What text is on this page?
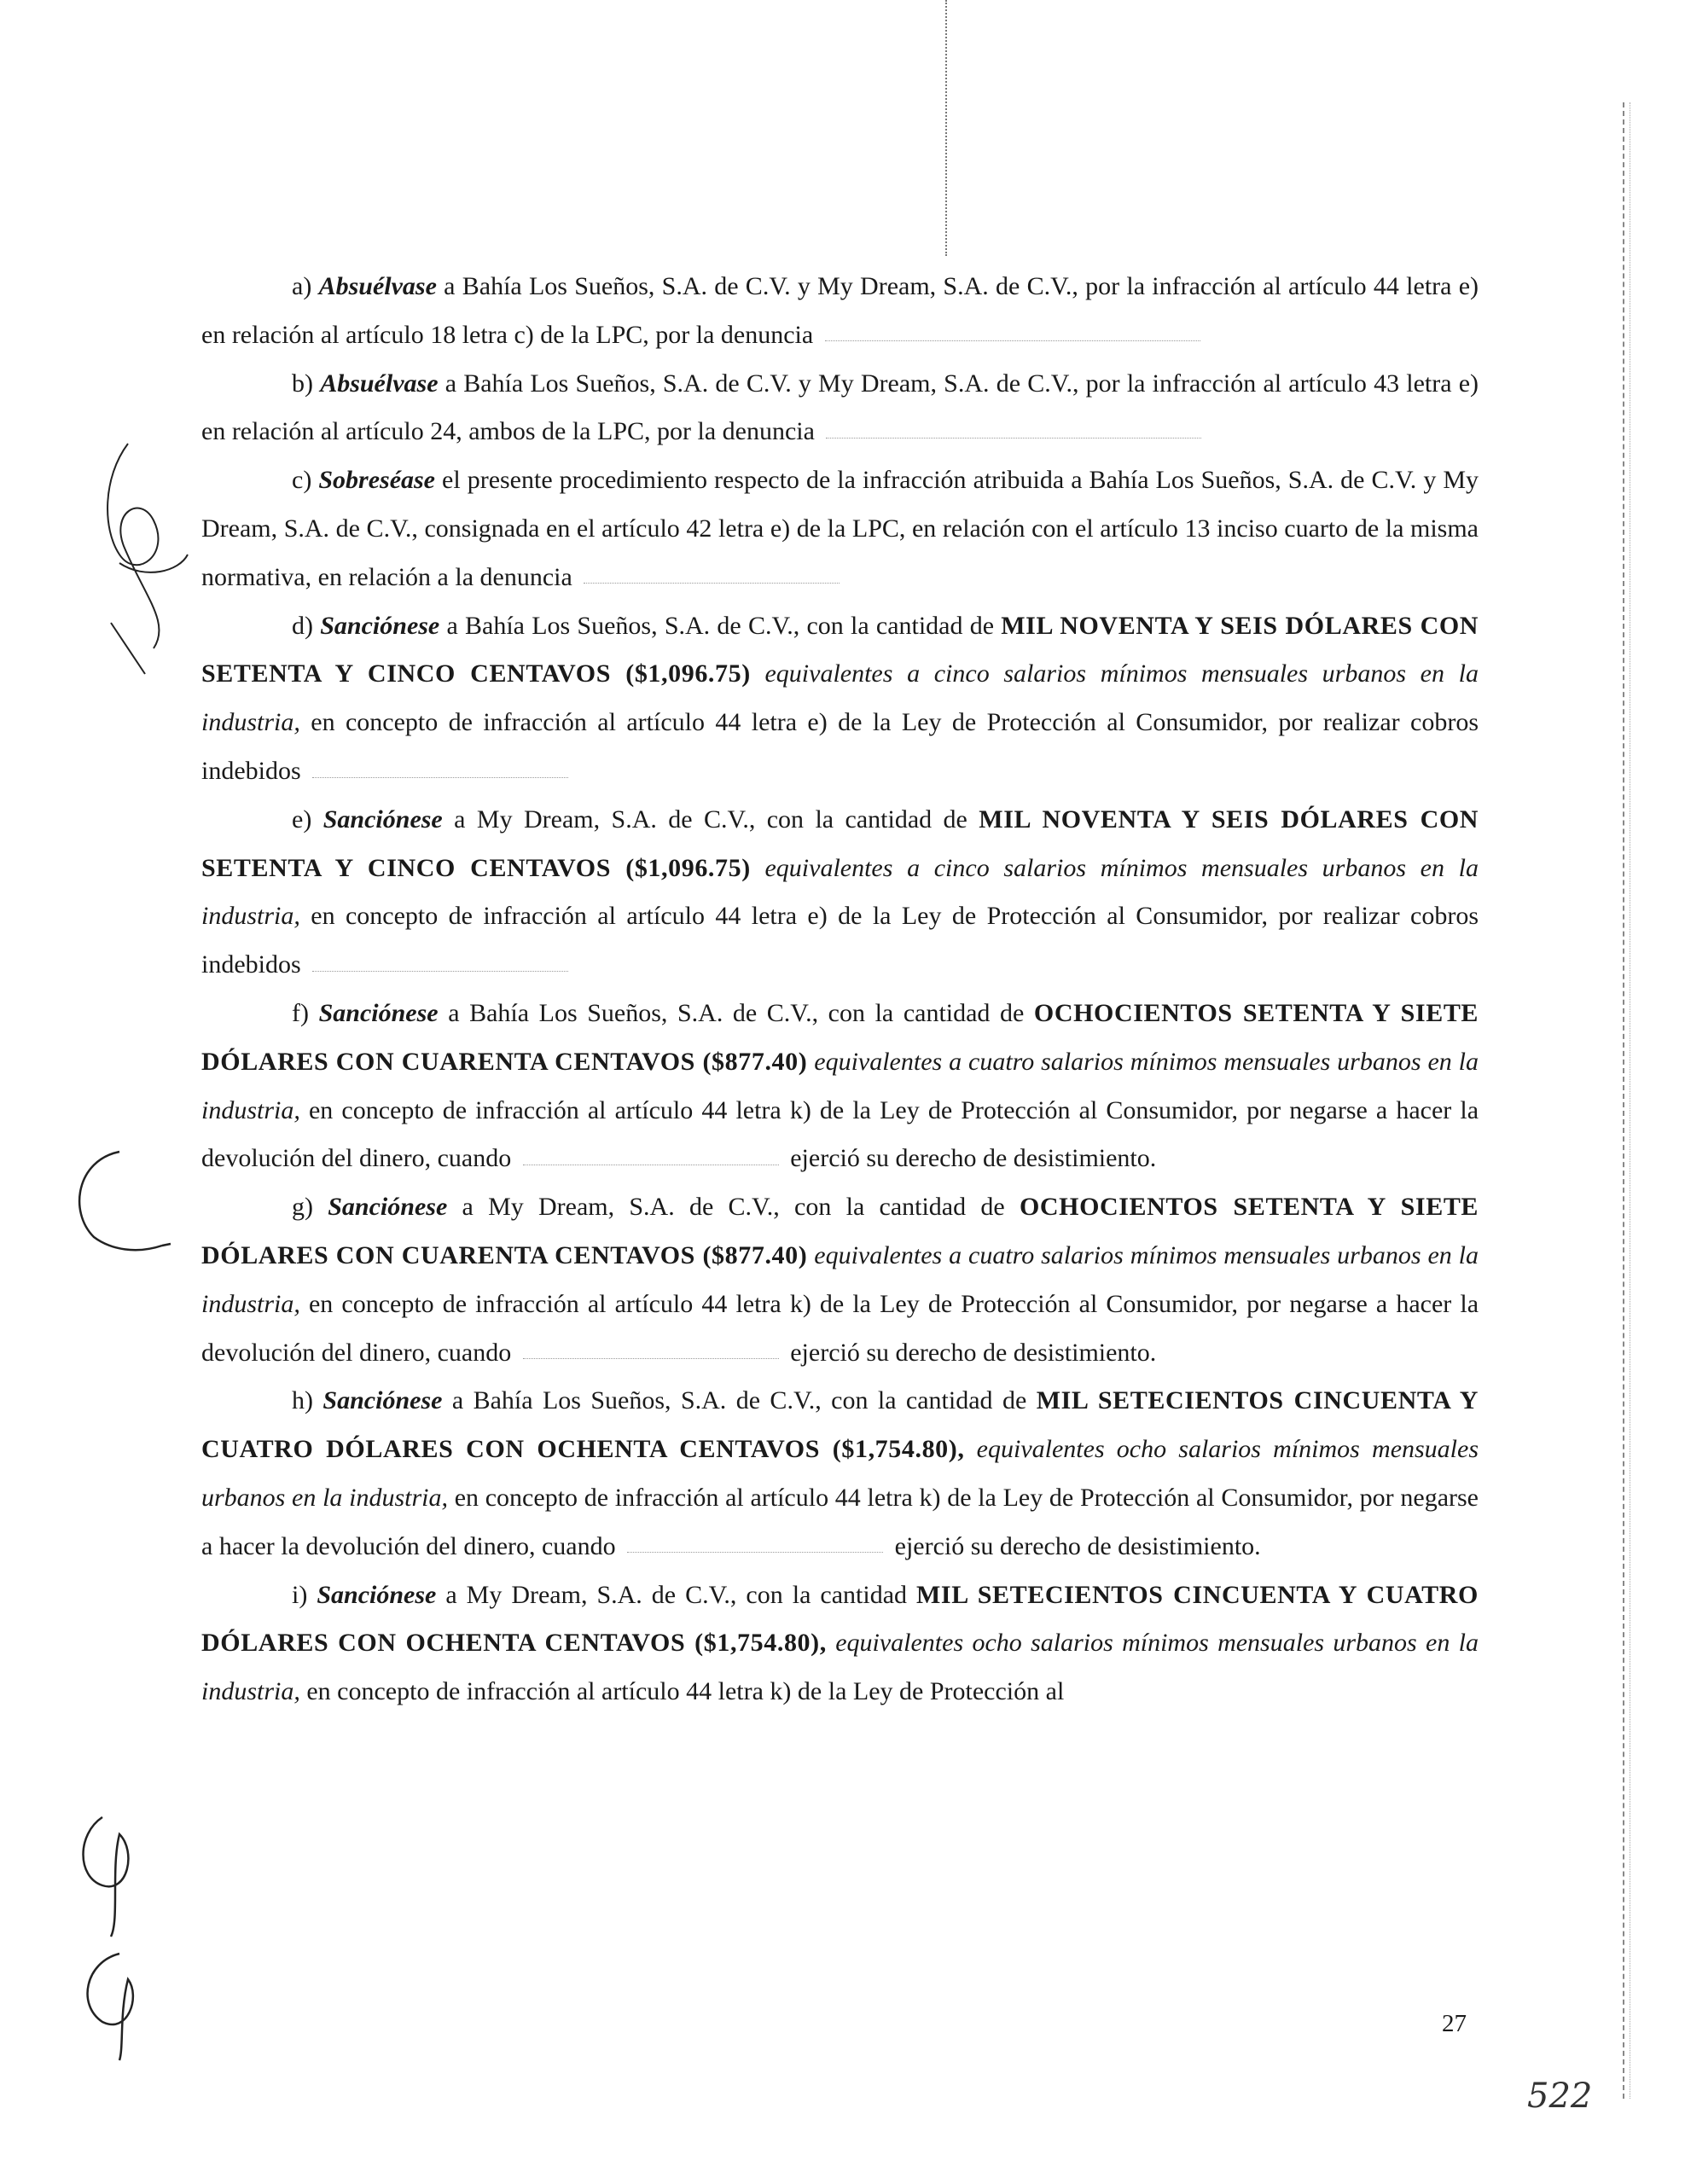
a) Absuélvase a Bahía Los Sueños, S.A. de C.V. y My Dream, S.A. de C.V., por la infracción al artículo 44 letra e) en relación al artículo 18 letra c) de la LPC, por la denuncia

b) Absuélvase a Bahía Los Sueños, S.A. de C.V. y My Dream, S.A. de C.V., por la infracción al artículo 43 letra e) en relación al artículo 24, ambos de la LPC, por la denuncia

c) Sobreséase el presente procedimiento respecto de la infracción atribuida a Bahía Los Sueños, S.A. de C.V. y My Dream, S.A. de C.V., consignada en el artículo 42 letra e) de la LPC, en relación con el artículo 13 inciso cuarto de la misma normativa, en relación a la denuncia

d) Sanciónese a Bahía Los Sueños, S.A. de C.V., con la cantidad de MIL NOVENTA Y SEIS DÓLARES CON SETENTA Y CINCO CENTAVOS ($1,096.75) equivalentes a cinco salarios mínimos mensuales urbanos en la industria, en concepto de infracción al artículo 44 letra e) de la Ley de Protección al Consumidor, por realizar cobros indebidos

e) Sanciónese a My Dream, S.A. de C.V., con la cantidad de MIL NOVENTA Y SEIS DÓLARES CON SETENTA Y CINCO CENTAVOS ($1,096.75) equivalentes a cinco salarios mínimos mensuales urbanos en la industria, en concepto de infracción al artículo 44 letra e) de la Ley de Protección al Consumidor, por realizar cobros indebidos

f) Sanciónese a Bahía Los Sueños, S.A. de C.V., con la cantidad de OCHOCIENTOS SETENTA Y SIETE DÓLARES CON CUARENTA CENTAVOS ($877.40) equivalentes a cuatro salarios mínimos mensuales urbanos en la industria, en concepto de infracción al artículo 44 letra k) de la Ley de Protección al Consumidor, por negarse a hacer la devolución del dinero, cuando	ejerció su derecho de desistimiento.

g) Sanciónese a My Dream, S.A. de C.V., con la cantidad de OCHOCIENTOS SETENTA Y SIETE DÓLARES CON CUARENTA CENTAVOS ($877.40) equivalentes a cuatro salarios mínimos mensuales urbanos en la industria, en concepto de infracción al artículo 44 letra k) de la Ley de Protección al Consumidor, por negarse a hacer la devolución del dinero, cuando	ejerció su derecho de desistimiento.

h) Sanciónese a Bahía Los Sueños, S.A. de C.V., con la cantidad de MIL SETECIENTOS CINCUENTA Y CUATRO DÓLARES CON OCHENTA CENTAVOS ($1,754.80), equivalentes ocho salarios mínimos mensuales urbanos en la industria, en concepto de infracción al artículo 44 letra k) de la Ley de Protección al Consumidor, por negarse a hacer la devolución del dinero, cuando	ejerció su derecho de desistimiento.

i) Sanciónese a My Dream, S.A. de C.V., con la cantidad MIL SETECIENTOS CINCUENTA Y CUATRO DÓLARES CON OCHENTA CENTAVOS ($1,754.80), equivalentes ocho salarios mínimos mensuales urbanos en la industria, en concepto de infracción al artículo 44 letra k) de la Ley de Protección al

27
522
